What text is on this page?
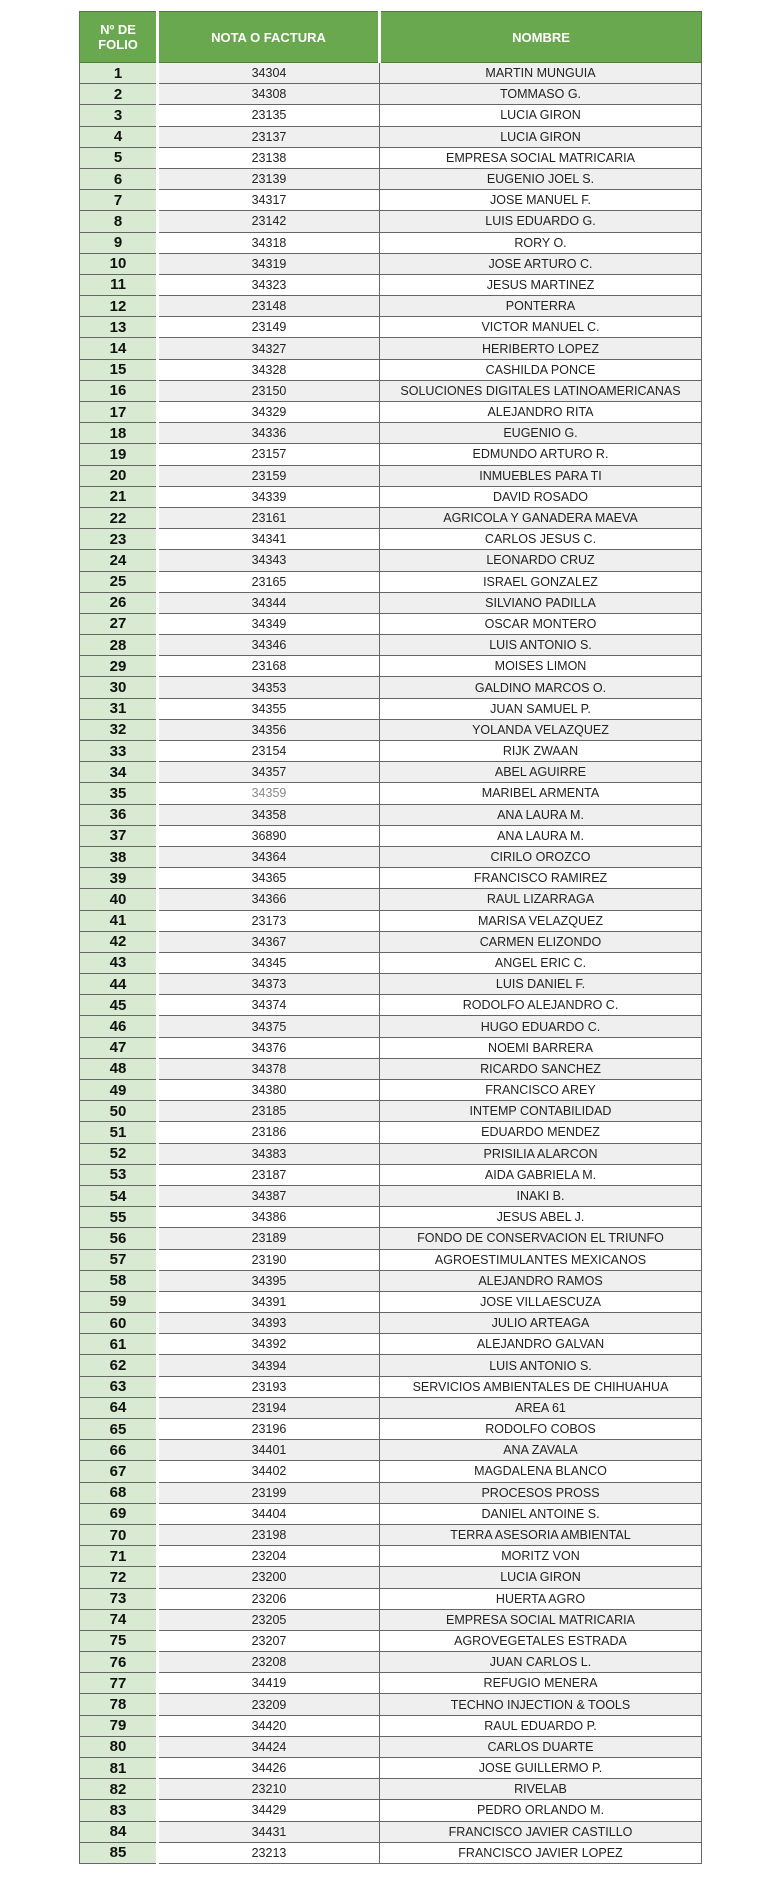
Nº DE FOLIO	NOTA O FACTURA	NOMBRE
1	34304	MARTIN MUNGUIA
2	34308	TOMMASO G.
3	23135	LUCIA GIRON
4	23137	LUCIA GIRON
5	23138	EMPRESA SOCIAL MATRICARIA
6	23139	EUGENIO JOEL S.
7	34317	JOSE MANUEL F.
8	23142	LUIS EDUARDO G.
9	34318	RORY O.
10	34319	JOSE ARTURO C.
11	34323	JESUS MARTINEZ
12	23148	PONTERRA
13	23149	VICTOR MANUEL C.
14	34327	HERIBERTO LOPEZ
15	34328	CASHILDA PONCE
16	23150	SOLUCIONES DIGITALES LATINOAMERICANAS
17	34329	ALEJANDRO RITA
18	34336	EUGENIO G.
19	23157	EDMUNDO ARTURO R.
20	23159	INMUEBLES PARA TI
21	34339	DAVID ROSADO
22	23161	AGRICOLA Y GANADERA MAEVA
23	34341	CARLOS JESUS C.
24	34343	LEONARDO CRUZ
25	23165	ISRAEL GONZALEZ
26	34344	SILVIANO PADILLA
27	34349	OSCAR MONTERO
28	34346	LUIS ANTONIO S.
29	23168	MOISES LIMON
30	34353	GALDINO MARCOS O.
31	34355	JUAN SAMUEL P.
32	34356	YOLANDA VELAZQUEZ
33	23154	RIJK ZWAAN
34	34357	ABEL AGUIRRE
35	34359	MARIBEL ARMENTA
36	34358	ANA LAURA M.
37	36890	ANA LAURA M.
38	34364	CIRILO OROZCO
39	34365	FRANCISCO RAMIREZ
40	34366	RAUL LIZARRAGA
41	23173	MARISA VELAZQUEZ
42	34367	CARMEN ELIZONDO
43	34345	ANGEL ERIC C.
44	34373	LUIS DANIEL F.
45	34374	RODOLFO ALEJANDRO C.
46	34375	HUGO EDUARDO C.
47	34376	NOEMI BARRERA
48	34378	RICARDO SANCHEZ
49	34380	FRANCISCO AREY
50	23185	INTEMP CONTABILIDAD
51	23186	EDUARDO MENDEZ
52	34383	PRISILIA ALARCON
53	23187	AIDA GABRIELA M.
54	34387	INAKI B.
55	34386	JESUS ABEL J.
56	23189	FONDO DE CONSERVACION EL TRIUNFO
57	23190	AGROESTIMULANTES MEXICANOS
58	34395	ALEJANDRO RAMOS
59	34391	JOSE VILLAESCUZA
60	34393	JULIO ARTEAGA
61	34392	ALEJANDRO GALVAN
62	34394	LUIS ANTONIO S.
63	23193	SERVICIOS AMBIENTALES DE CHIHUAHUA
64	23194	AREA 61
65	23196	RODOLFO COBOS
66	34401	ANA ZAVALA
67	34402	MAGDALENA BLANCO
68	23199	PROCESOS PROSS
69	34404	DANIEL ANTOINE S.
70	23198	TERRA ASESORIA AMBIENTAL
71	23204	MORITZ VON
72	23200	LUCIA GIRON
73	23206	HUERTA AGRO
74	23205	EMPRESA SOCIAL MATRICARIA
75	23207	AGROVEGETALES ESTRADA
76	23208	JUAN CARLOS L.
77	34419	REFUGIO MENERA
78	23209	TECHNO INJECTION & TOOLS
79	34420	RAUL EDUARDO P.
80	34424	CARLOS DUARTE
81	34426	JOSE GUILLERMO P.
82	23210	RIVELAB
83	34429	PEDRO ORLANDO M.
84	34431	FRANCISCO JAVIER CASTILLO
85	23213	FRANCISCO JAVIER LOPEZ
